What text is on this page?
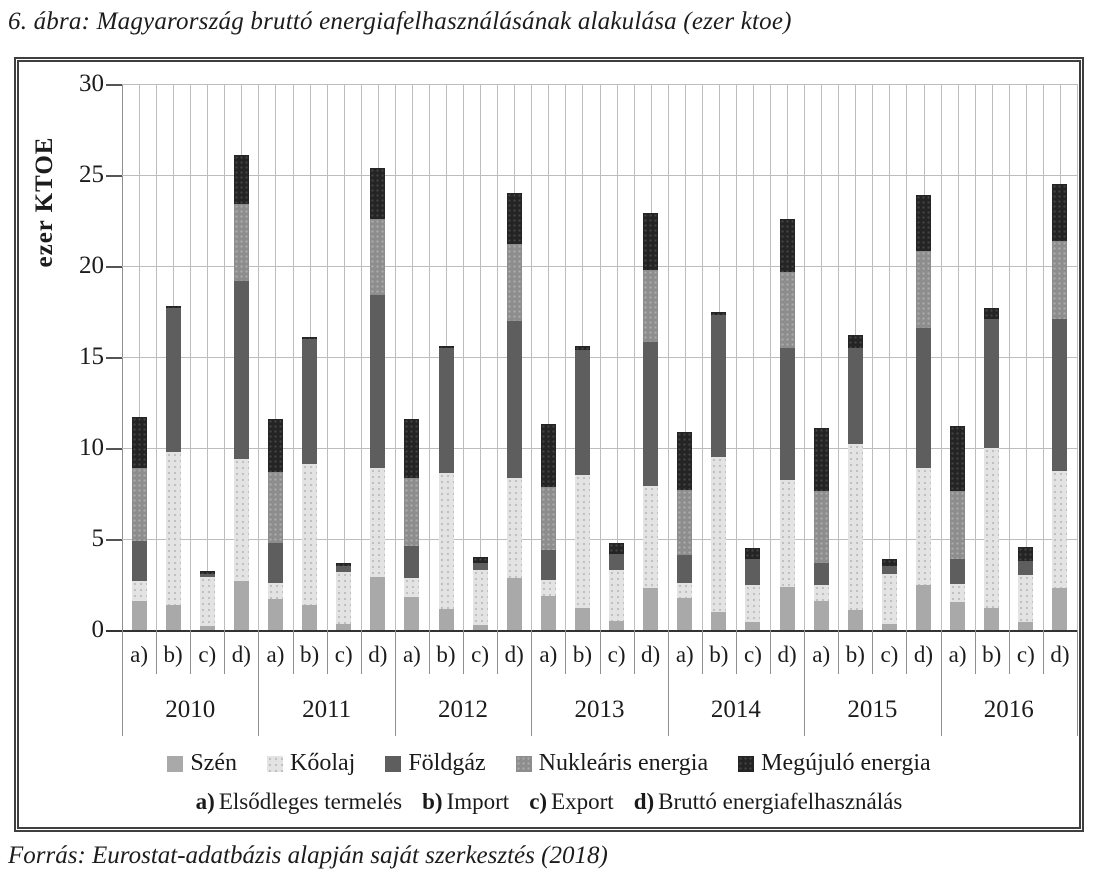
6. ábra: Magyarország bruttó energiafelhasználásának alakulása (ezer ktoe)
ezer KTOE
Szén Kőolaj Földgáz Nukleáris energia Megújuló energia
a) Elsődleges termelés b) Import c) Export d) Bruttó energiafelhasználás
0
5
10
15
20
25
30
a) b) c) d) a) b) c) d) a) b) c) d) a) b) c) d) a) b) c) d) a) b) c) d) a) b) c) d)
2010	2011	2012	2013	2014	2015	2016
Forrás: Eurostat-adatbázis alapján saját szerkesztés (2018)
